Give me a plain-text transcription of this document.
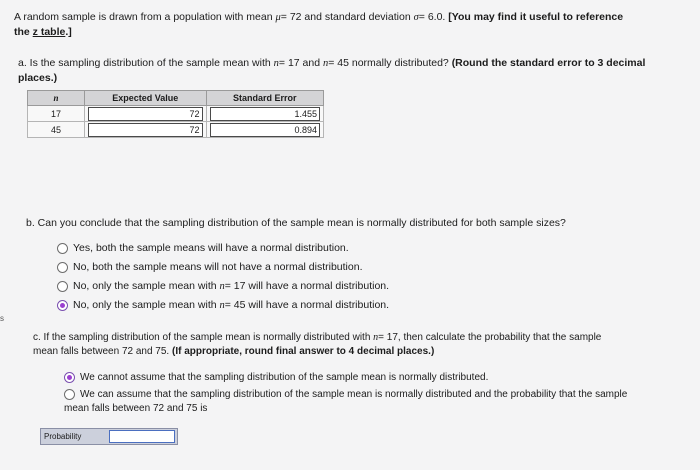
A random sample is drawn from a population with mean μ= 72 and standard deviation σ= 6.0. [You may find it useful to reference
the z table.]
a. Is the sampling distribution of the sample mean with n= 17 and n= 45 normally distributed? (Round the standard error to 3 decimal
places.)
n	Expected Value	Standard Error
17	72	1.455

45	72	0.894
b. Can you conclude that the sampling distribution of the sample mean is normally distributed for both sample sizes?
Yes, both the sample means will have a normal distribution.
No, both the sample means will not have a normal distribution.
No, only the sample mean with
n = 17 will have a normal distribution.
No, only the sample mean with
n = 45 will have a normal distribution.
s
c. If the sampling distribution of the sample mean is normally distributed with n= 17, then calculate the probability that the sample
mean falls between 72 and 75. (If appropriate, round final answer to 4 decimal places.)
We cannot assume that the sampling distribution of the sample mean is normally distributed.
We can assume that the sampling distribution of the sample mean is normally distributed and the probability that the sample
mean falls between 72 and 75 is
Probability
